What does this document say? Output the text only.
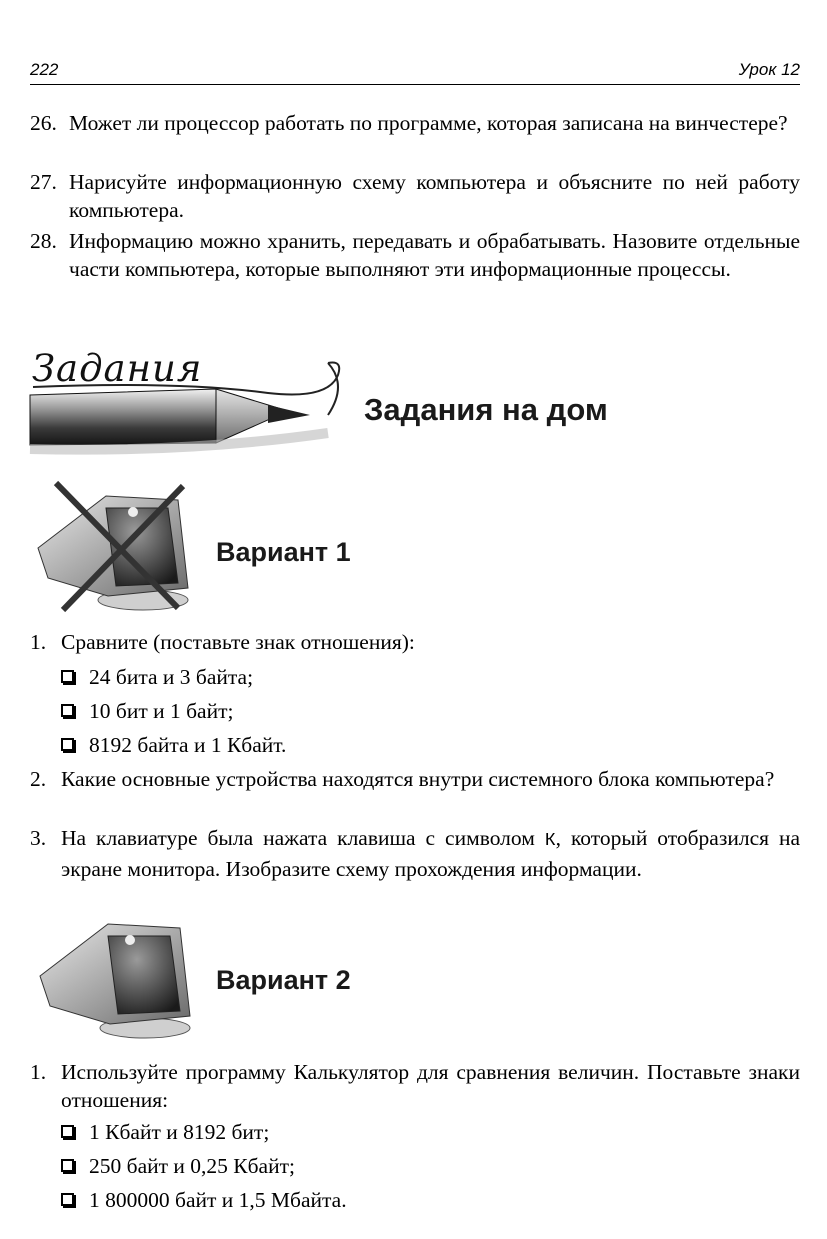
222	Урок 12
26. Может ли процессор работать по программе, которая записана на винчестере?
27. Нарисуйте информационную схему компьютера и объясните по ней работу компьютера.
28. Информацию можно хранить, передавать и обрабатывать. Назовите отдельные части компьютера, которые выполняют эти информационные процессы.
Задания
Задания на дом
Вариант 1
1. Сравните (поставьте знак отношения):
24 бита и 3 байта;
10 бит и 1 байт;
8192 байта и 1 Кбайт.
2. Какие основные устройства находятся внутри системного блока компьютера?
3. На клавиатуре была нажата клавиша с символом К, который отобразился на экране монитора. Изобразите схему прохождения информации.
Вариант 2
1. Используйте программу Калькулятор для сравнения величин. Поставьте знаки отношения:
1 Кбайт и 8192 бит;
250 байт и 0,25 Кбайт;
1 800000 байт и 1,5 Мбайта.
